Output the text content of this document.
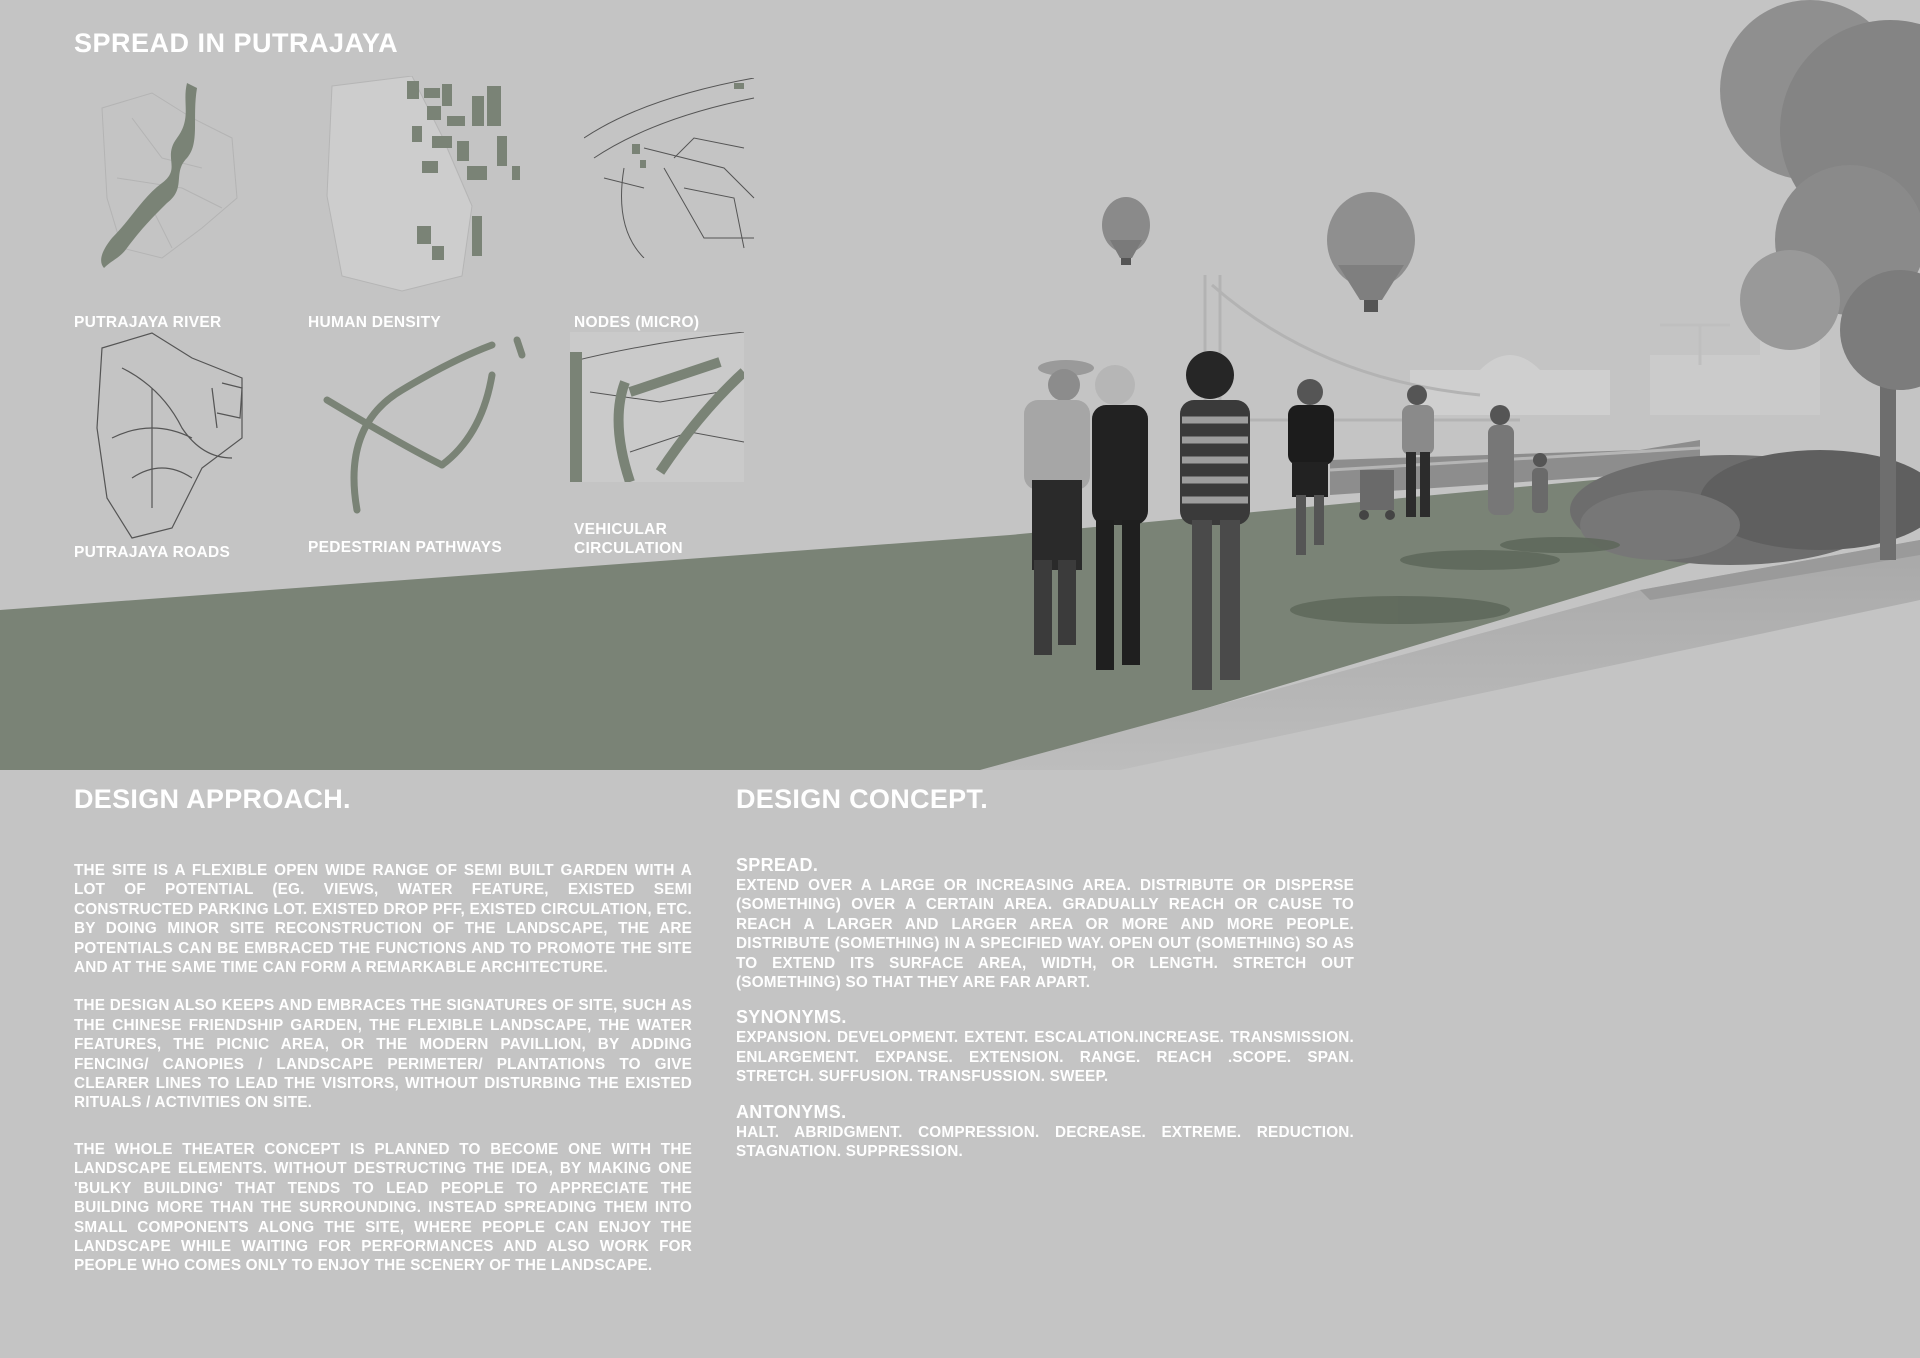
SPREAD IN PUTRAJAYA
PUTRAJAYA RIVER	HUMAN DENSITY	NODES (MICRO)
PUTRAJAYA ROADS	PEDESTRIAN PATHWAYS
VEHICULAR CIRCULATION
DESIGN APPROACH.

THE SITE IS A FLEXIBLE OPEN WIDE RANGE OF SEMI BUILT GARDEN WITH A LOT OF POTENTIAL (EG. VIEWS, WATER FEATURE, EXISTED SEMI CONSTRUCTED PARKING LOT. EXISTED DROP PFF, EXISTED CIRCULATION, ETC. BY DOING MINOR SITE RECONSTRUCTION OF THE LANDSCAPE, THE ARE POTENTIALS CAN BE EMBRACED THE FUNCTIONS AND TO PROMOTE THE SITE AND AT THE SAME TIME CAN FORM A REMARKABLE ARCHITECTURE.

THE DESIGN ALSO KEEPS AND EMBRACES THE SIGNATURES OF SITE, SUCH AS THE CHINESE FRIENDSHIP GARDEN, THE FLEXIBLE LANDSCAPE, THE WATER FEATURES, THE PICNIC AREA, OR THE MODERN PAVILLION, BY ADDING FENCING/ CANOPIES / LANDSCAPE PERIMETER/ PLANTATIONS TO GIVE CLEARER LINES TO LEAD THE VISITORS, WITHOUT DISTURBING THE EXISTED RITUALS / ACTIVITIES ON SITE.

THE WHOLE THEATER CONCEPT IS PLANNED TO BECOME ONE WITH THE LANDSCAPE ELEMENTS. WITHOUT DESTRUCTING THE IDEA, BY MAKING ONE 'BULKY BUILDING' THAT TENDS TO LEAD PEOPLE TO APPRECIATE THE BUILDING MORE THAN THE SURROUNDING. INSTEAD SPREADING THEM INTO SMALL COMPONENTS ALONG THE SITE, WHERE PEOPLE CAN ENJOY THE LANDSCAPE WHILE WAITING FOR PERFORMANCES AND ALSO WORK FOR PEOPLE WHO COMES ONLY TO ENJOY THE SCENERY OF THE LANDSCAPE.

DESIGN CONCEPT.
SPREAD.

EXTEND OVER A LARGE OR INCREASING AREA. DISTRIBUTE OR DISPERSE (SOMETHING) OVER A CERTAIN AREA. GRADUALLY REACH OR CAUSE TO REACH A LARGER AND LARGER AREA OR MORE AND MORE PEOPLE. DISTRIBUTE (SOMETHING) IN A SPECIFIED WAY. OPEN OUT (SOMETHING) SO AS TO EXTEND ITS SURFACE AREA, WIDTH, OR LENGTH. STRETCH OUT (SOMETHING) SO THAT THEY ARE FAR APART.

SYNONYMS.

EXPANSION. DEVELOPMENT. EXTENT. ESCALATION.INCREASE. TRANSMISSION. ENLARGEMENT. EXPANSE. EXTENSION. RANGE. REACH .SCOPE. SPAN. STRETCH. SUFFUSION. TRANSFUSSION. SWEEP.

ANTONYMS.

HALT. ABRIDGMENT. COMPRESSION. DECREASE. EXTREME. REDUCTION. STAGNATION. SUPPRESSION.
